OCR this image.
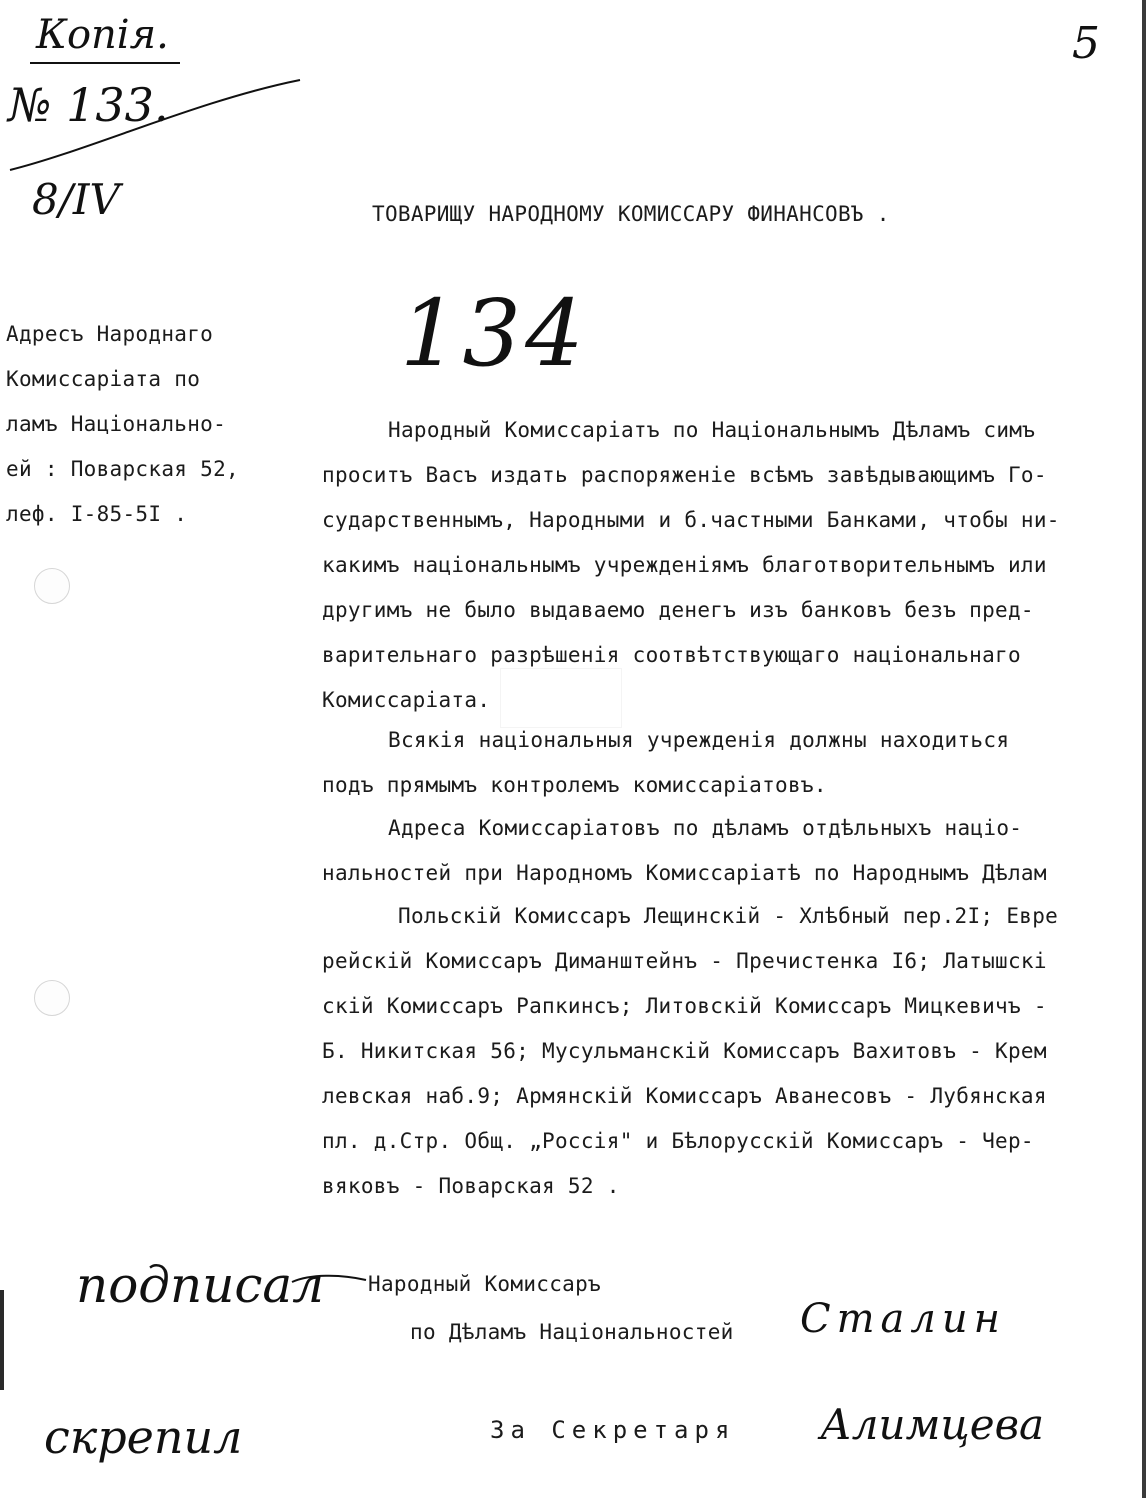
Копія.
№ 133.
8/IV
5
134
ТОВАРИЩУ НАРОДНОМУ КОМИССАРУ ФИНАНСОВЪ .
Адресъ Народнаго
Комиссаріата по
ламъ Національно-
ей : Поварская 52,
леф. I-85-5I .
Народный Комиссаріатъ по Національнымъ Дѣламъ симъ
проситъ Васъ издать распоряженіе всѣмъ завѣдывающимъ Го-
сударственнымъ, Народными и б.частными Банками, чтобы ни-
какимъ національнымъ учрежденіямъ благотворительнымъ или
другимъ не было выдаваемо денегъ изъ банковъ безъ пред-
варительнаго разрѣшенія соотвѣтствующаго національнаго
Комиссаріата.
Всякія національныя учрежденія должны находиться
подъ прямымъ контролемъ комиссаріатовъ.
Адреса Комиссаріатовъ по дѣламъ отдѣльныхъ націо-
нальностей при Народномъ Комиссаріатѣ по Народнымъ Дѣлам
Польскій Комиссаръ Лещинскій - Хлѣбный пер.2I; Евре
рейскій Комиссаръ Диманштейнъ - Пречистенка I6; Латышскі
скій Комиссаръ Рапкинсъ; Литовскій Комиссаръ Мицкевичъ -
Б. Никитская 56; Мусульманскій Комиссаръ Вахитовъ - Крем
левская наб.9; Армянскій Комиссаръ Аванесовъ - Лубянская
пл. д.Стр. Общ. „Россія" и Бѣлорусскій Комиссаръ - Чер-
вяковъ - Поварская 52 .
подписал Народный Комиссаръ
по Дѣламъ Національностей Сталин
скрепил	За Секретаря Алимцева
